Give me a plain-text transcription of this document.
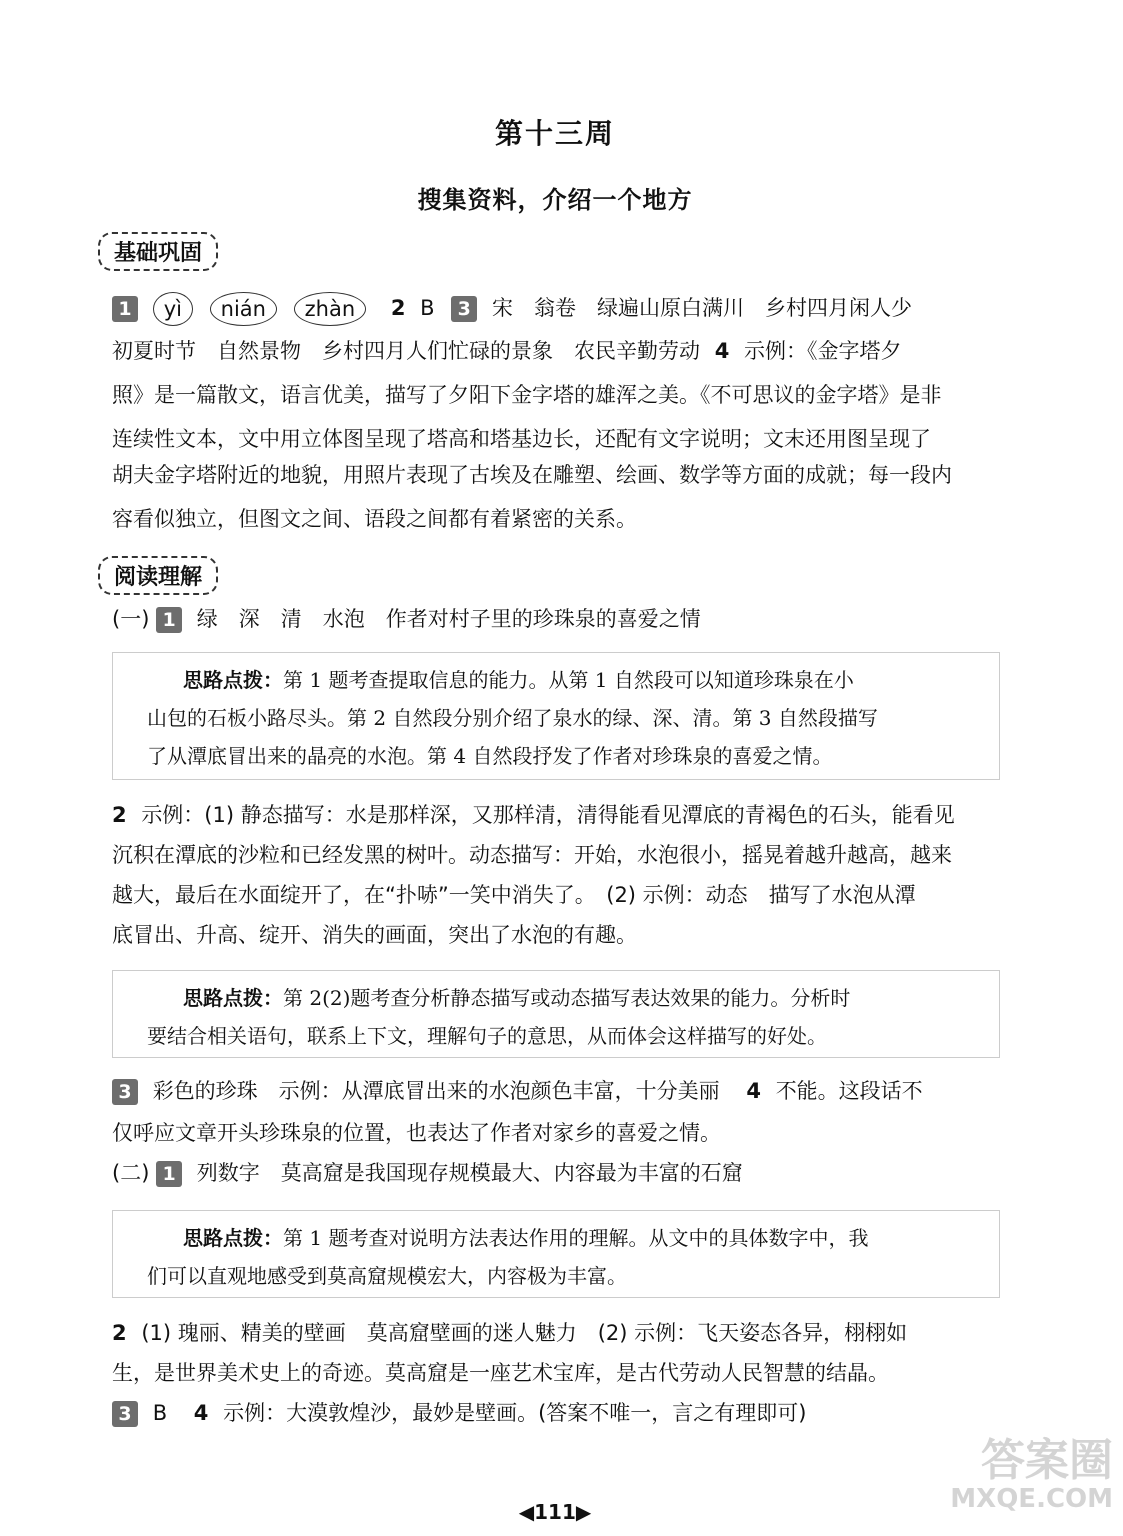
第十三周
搜集资料，介绍一个地方
基础巩固
1 yì nián zhàn 2 B 3 宋　翁卷　绿遍山原白满川　乡村四月闲人少
初夏时节　自然景物　乡村四月人们忙碌的景象　农民辛勤劳动 4 示例：《金字塔夕
照》是一篇散文，语言优美，描写了夕阳下金字塔的雄浑之美。《不可思议的金字塔》是非
连续性文本，文中用立体图呈现了塔高和塔基边长，还配有文字说明；文末还用图呈现了
胡夫金字塔附近的地貌，用照片表现了古埃及在雕塑、绘画、数学等方面的成就；每一段内
容看似独立，但图文之间、语段之间都有着紧密的关系。
阅读理解
(一) 1 绿　深　清　水泡　作者对村子里的珍珠泉的喜爱之情
思路点拨：第 1 题考查提取信息的能力。从第 1 自然段可以知道珍珠泉在小
山包的石板小路尽头。第 2 自然段分别介绍了泉水的绿、深、清。第 3 自然段描写
了从潭底冒出来的晶亮的水泡。第 4 自然段抒发了作者对珍珠泉的喜爱之情。
2 示例：(1) 静态描写：水是那样深，又那样清，清得能看见潭底的青褐色的石头，能看见
沉积在潭底的沙粒和已经发黑的树叶。动态描写：开始，水泡很小，摇晃着越升越高，越来
越大，最后在水面绽开了，在“扑哧”一笑中消失了。　(2) 示例：动态　描写了水泡从潭
底冒出、升高、绽开、消失的画面，突出了水泡的有趣。
思路点拨：第 2(2)题考查分析静态描写或动态描写表达效果的能力。分析时
要结合相关语句，联系上下文，理解句子的意思，从而体会这样描写的好处。
3 彩色的珍珠　示例：从潭底冒出来的水泡颜色丰富，十分美丽 4 不能。这段话不
仅呼应文章开头珍珠泉的位置，也表达了作者对家乡的喜爱之情。
(二) 1 列数字　莫高窟是我国现存规模最大、内容最为丰富的石窟
思路点拨：第 1 题考查对说明方法表达作用的理解。从文中的具体数字中，我
们可以直观地感受到莫高窟规模宏大，内容极为丰富。
2 (1) 瑰丽、精美的壁画　莫高窟壁画的迷人魅力　(2) 示例：飞天姿态各异，栩栩如
生，是世界美术史上的奇迹。莫高窟是一座艺术宝库，是古代劳动人民智慧的结晶。
3 B 4 示例：大漠敦煌沙，最妙是壁画。(答案不唯一，言之有理即可)
◀111▶
答案圈
MXQE.COM
